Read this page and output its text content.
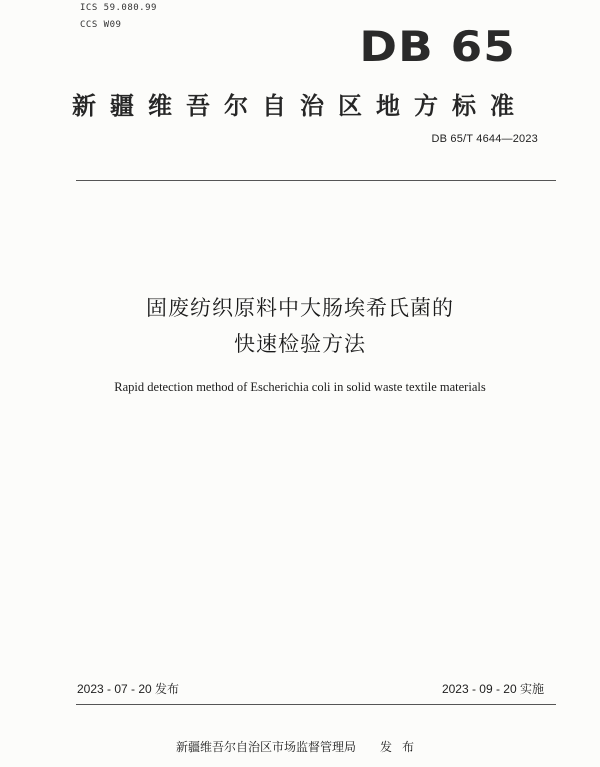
ICS 59.080.99
CCS W09	DB 65
新疆维吾尔自治区地方标准
DB 65/T 4644—2023
固废纺织原料中大肠埃希氏菌的
快速检验方法
Rapid detection method of Escherichia coli in solid waste textile materials
2023 - 07 - 20 发布	2023 - 09 - 20 实施
新疆维吾尔自治区市场监督管理局 发布
